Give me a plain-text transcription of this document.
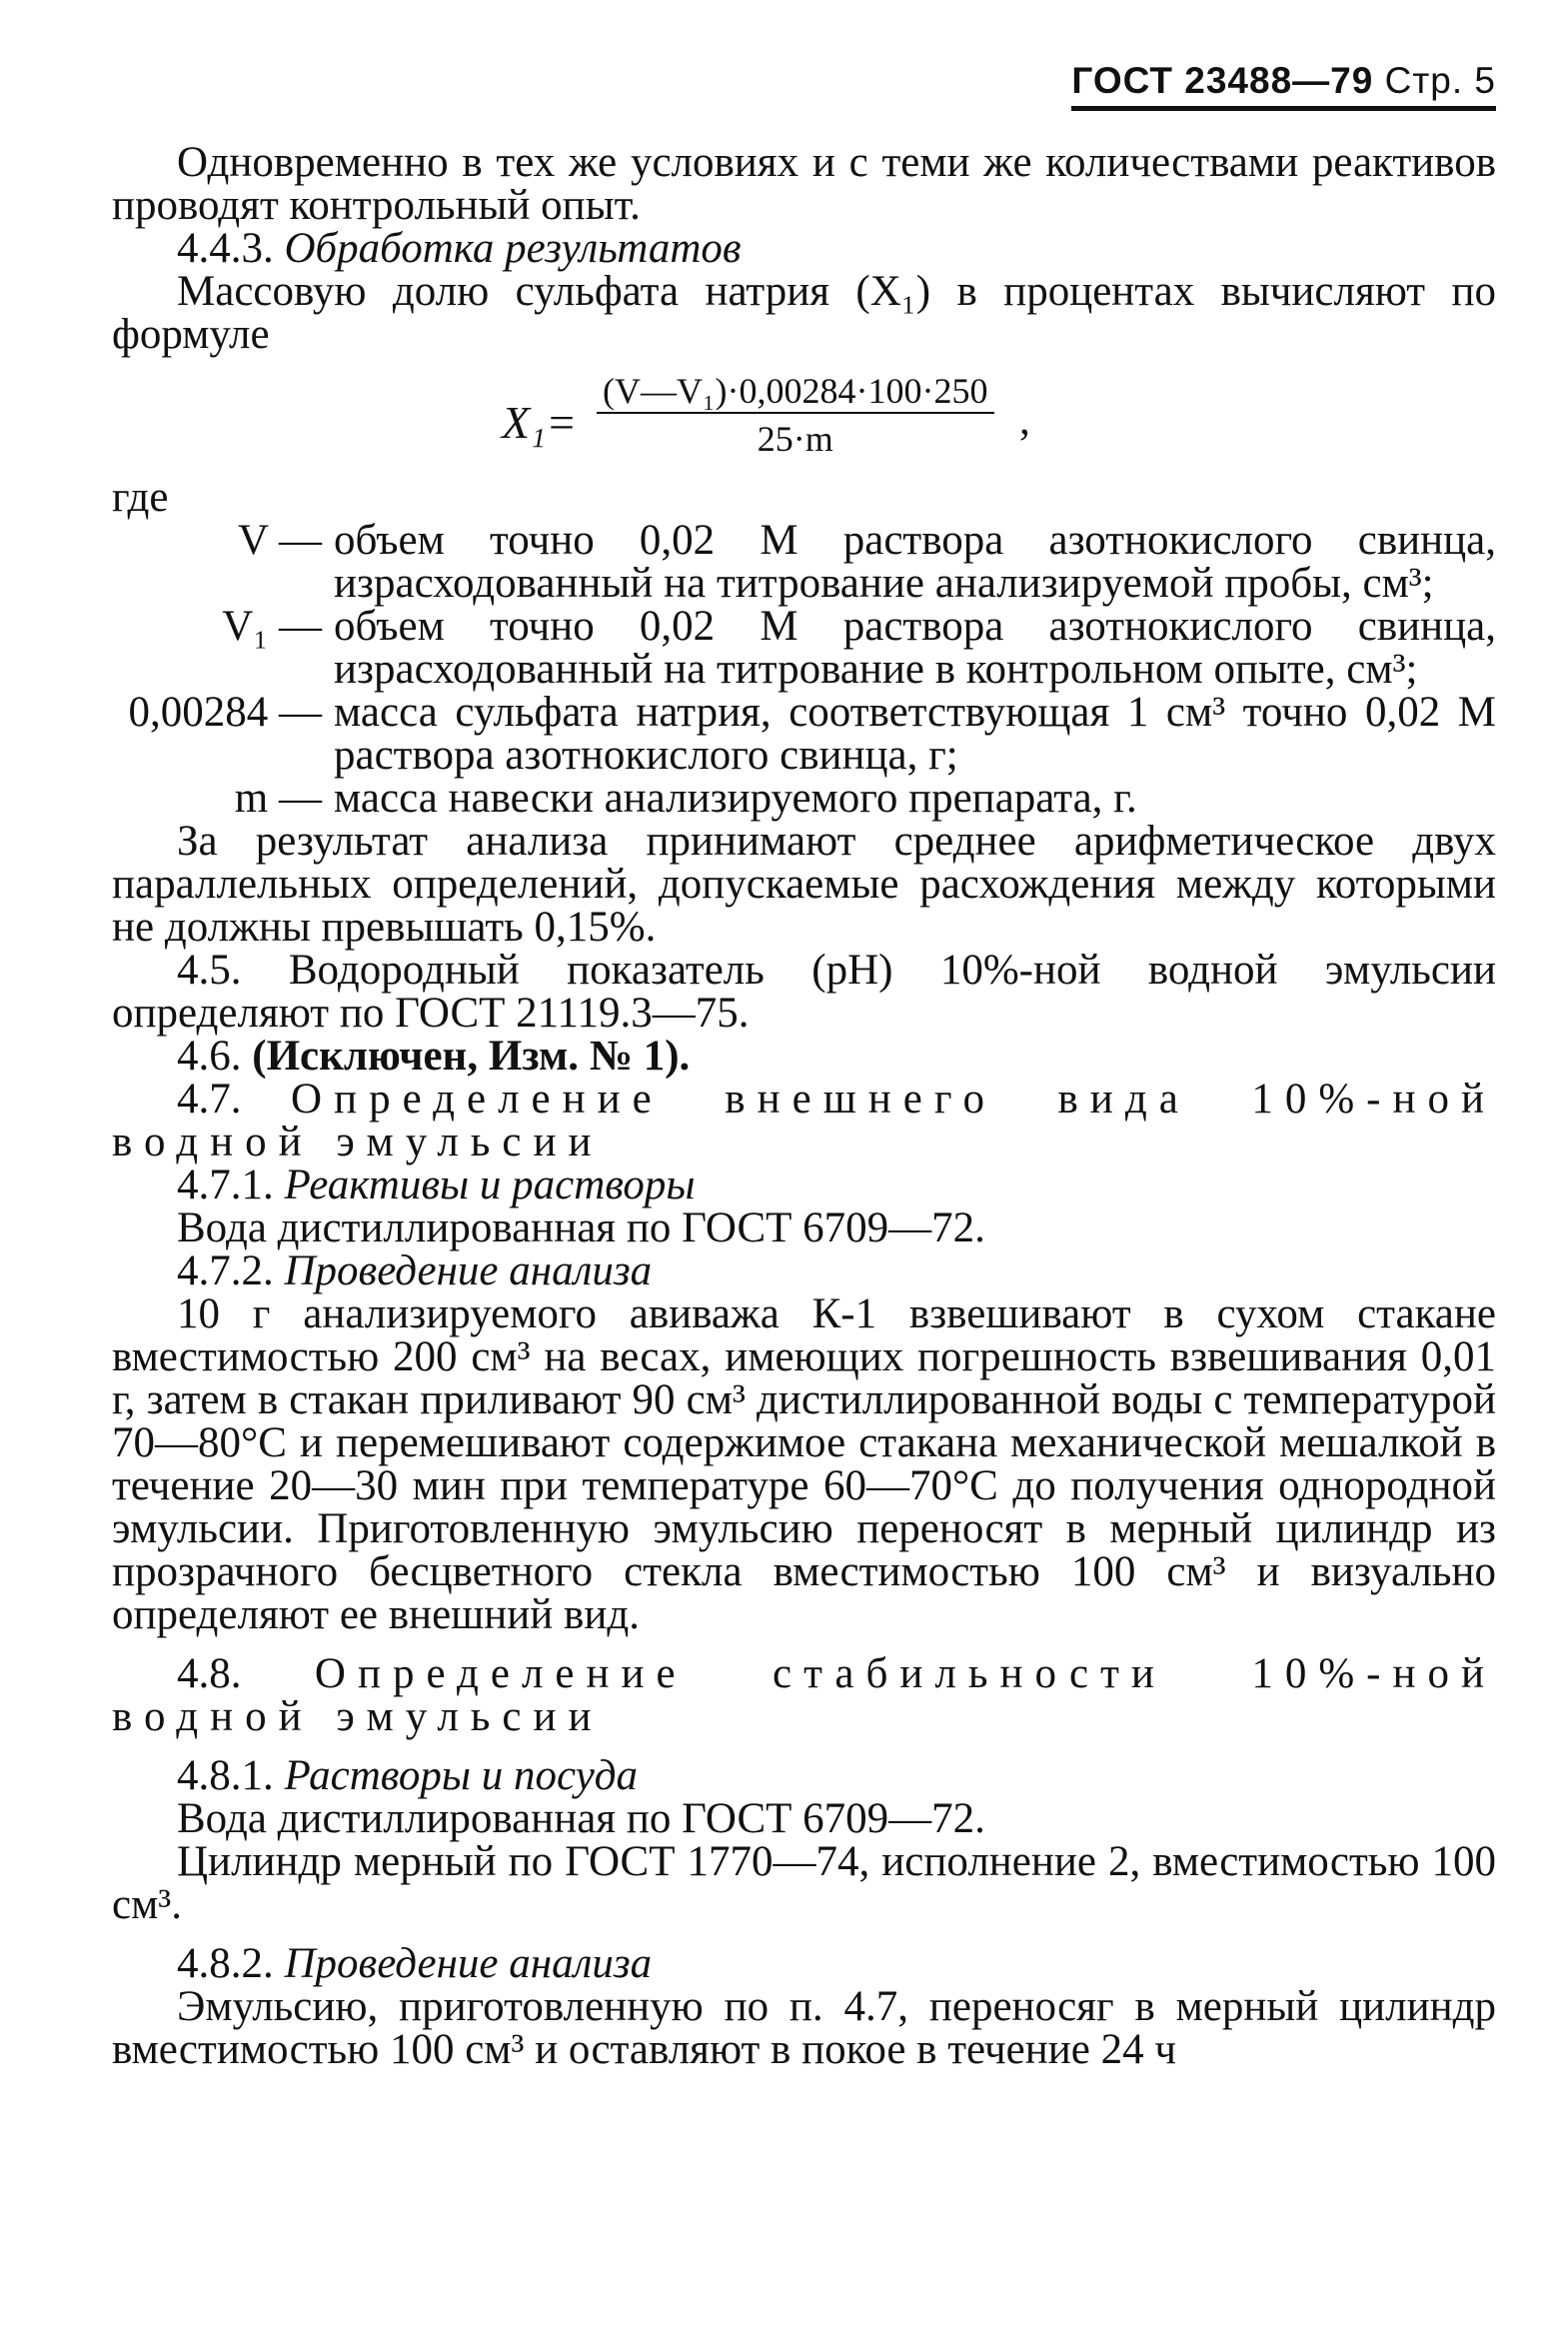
ГОСТ 23488—79 Стр. 5

Одновременно в тех же условиях и с теми же количествами реактивов проводят контрольный опыт.

4.4.3. Обработка результатов

Массовую долю сульфата натрия (X₁) в процентах вычисляют по формуле

$X_1= \frac{\text{(V—V₁)·0,00284·100·250}}{25\cdot m}$ ,

где

V — объем точно 0,02 М раствора азотнокислого свинца, израсходованный на титрование анализируемой пробы, см³;
V₁ — объем точно 0,02 М раствора азотнокислого свинца, израсходованный на титрование в контрольном опыте, см³;
0,00284 — масса сульфата натрия, соответствующая 1 см³ точно 0,02 М раствора азотнокислого свинца, г;
m — масса навески анализируемого препарата, г.

За результат анализа принимают среднее арифметическое двух параллельных определений, допускаемые расхождения между которыми не должны превышать 0,15%.

4.5. Водородный показатель (рН) 10%-ной водной эмульсии определяют по ГОСТ 21119.3—75.

4.6. (Исключен, Изм. № 1).

4.7. Определение внешнего вида 10%-ной водной эмульсии

4.7.1. Реактивы и растворы

Вода дистиллированная по ГОСТ 6709—72.

4.7.2. Проведение анализа

10 г анализируемого авиважа К-1 взвешивают в сухом стакане вместимостью 200 см³ на весах, имеющих погрешность взвешивания 0,01 г, затем в стакан приливают 90 см³ дистиллированной воды с температурой 70—80°С и перемешивают содержимое стакана механической мешалкой в течение 20—30 мин при температуре 60—70°С до получения однородной эмульсии. Приготовленную эмульсию переносят в мерный цилиндр из прозрачного бесцветного стекла вместимостью 100 см³ и визуально определяют ее внешний вид.

4.8. Определение стабильности 10%-ной водной эмульсии

4.8.1. Растворы и посуда

Вода дистиллированная по ГОСТ 6709—72.

Цилиндр мерный по ГОСТ 1770—74, исполнение 2, вместимостью 100 см³.

4.8.2. Проведение анализа

Эмульсию, приготовленную по п. 4.7, переносяг в мерный цилиндр вместимостью 100 см³ и оставляют в покое в течение 24 ч
